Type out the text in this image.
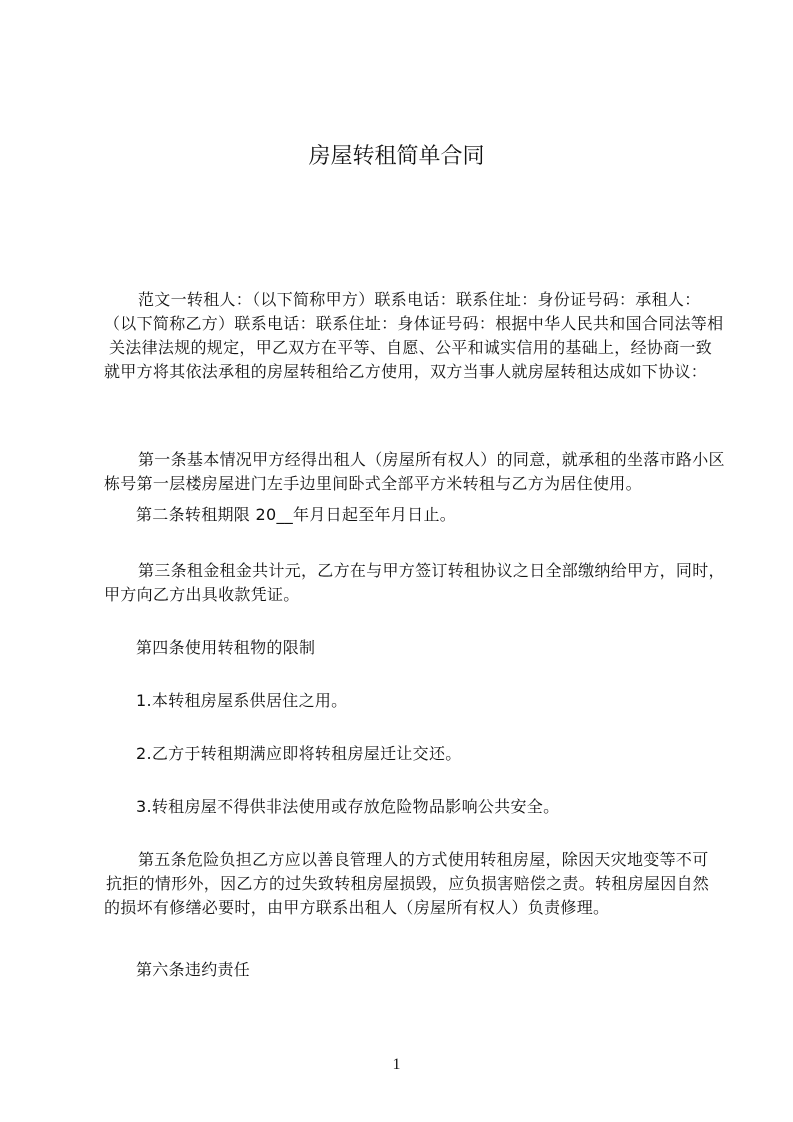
房屋转租简单合同
范文一转租人：（以下简称甲方）联系电话：联系住址：身份证号码：承租人：
（以下简称乙方）联系电话：联系住址：身体证号码：根据中华人民共和国合同法等相
关法律法规的规定，甲乙双方在平等、自愿、公平和诚实信用的基础上，经协商一致
就甲方将其依法承租的房屋转租给乙方使用，双方当事人就房屋转租达成如下协议：
第一条基本情况甲方经得出租人（房屋所有权人）的同意，就承租的坐落市路小区
栋号第一层楼房屋进门左手边里间卧式全部平方米转租与乙方为居住使用。
第二条转租期限 20__年月日起至年月日止。
第三条租金租金共计元，乙方在与甲方签订转租协议之日全部缴纳给甲方，同时，
甲方向乙方出具收款凭证。
第四条使用转租物的限制
1.本转租房屋系供居住之用。
2.乙方于转租期满应即将转租房屋迁让交还。
3.转租房屋不得供非法使用或存放危险物品影响公共安全。
第五条危险负担乙方应以善良管理人的方式使用转租房屋，除因天灾地变等不可
抗拒的情形外，因乙方的过失致转租房屋损毁，应负损害赔偿之责。转租房屋因自然
的损坏有修缮必要时，由甲方联系出租人（房屋所有权人）负责修理。
第六条违约责任
1
